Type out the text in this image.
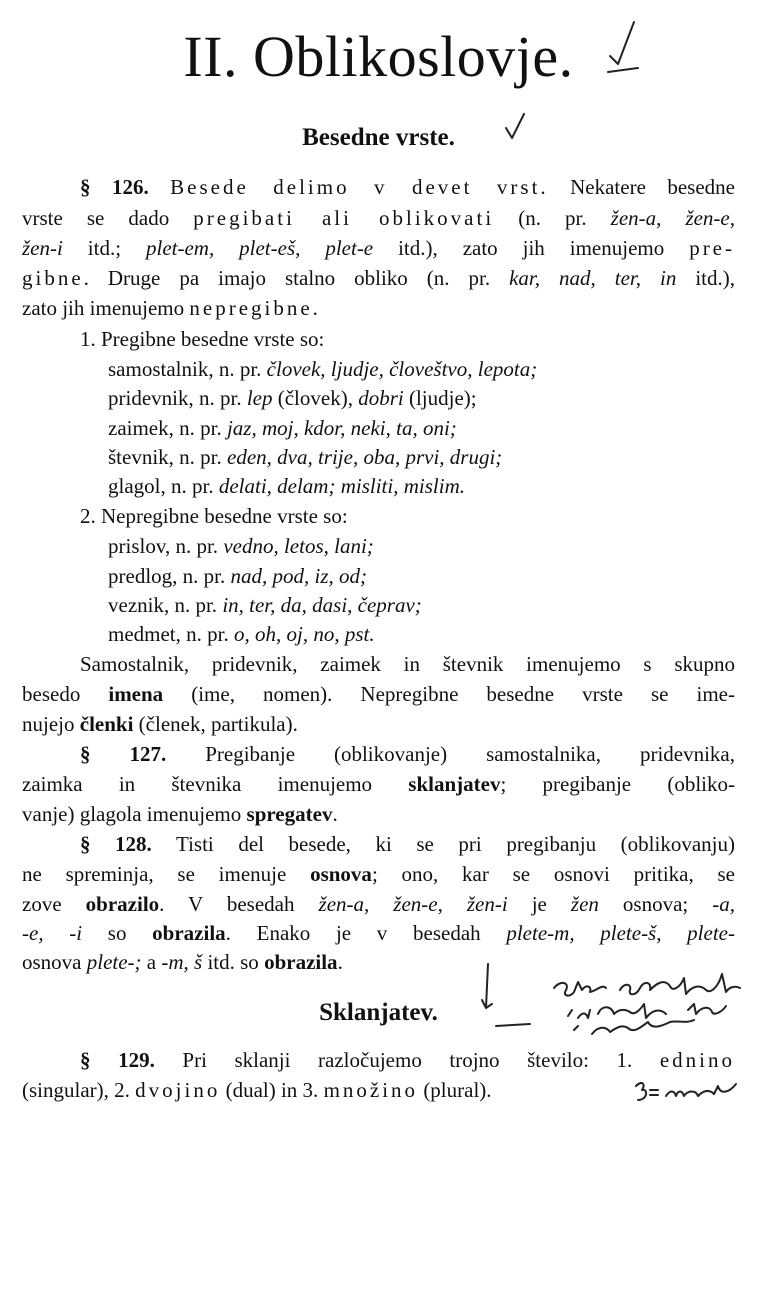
II. Oblikoslovje.
Besedne vrste.
§ 126. Besede delimo v devet vrst. Nekatere besedne
vrste se dado pregibati ali oblikovati (n. pr. žen-a, žen-e,
žen-i itd.; plet-em, plet-eš, plet-e itd.), zato jih imenujemo pre-
gibne. Druge pa imajo stalno obliko (n. pr. kar, nad, ter, in itd.),
zato jih imenujemo nepregibne.
1. Pregibne besedne vrste so:
samostalnik, n. pr. človek, ljudje, človeštvo, lepota;
pridevnik, n. pr. lep (človek), dobri (ljudje);
zaimek, n. pr. jaz, moj, kdor, neki, ta, oni;
števnik, n. pr. eden, dva, trije, oba, prvi, drugi;
glagol, n. pr. delati, delam; misliti, mislim.
2. Nepregibne besedne vrste so:
prislov, n. pr. vedno, letos, lani;
predlog, n. pr. nad, pod, iz, od;
veznik, n. pr. in, ter, da, dasi, čeprav;
medmet, n. pr. o, oh, oj, no, pst.
Samostalnik, pridevnik, zaimek in števnik imenujemo s skupno
besedo imena (ime, nomen). Nepregibne besedne vrste se ime-
nujejo členki (členek, partikula).
§ 127. Pregibanje (oblikovanje) samostalnika, pridevnika,
zaimka in števnika imenujemo sklanjatev; pregibanje (obliko-
vanje) glagola imenujemo spregatev.
§ 128. Tisti del besede, ki se pri pregibanju (oblikovanju)
ne spreminja, se imenuje osnova; ono, kar se osnovi pritika, se
zove obrazilo. V besedah žen-a, žen-e, žen-i je žen osnova; -a,
-e, -i so obrazila. Enako je v besedah plete-m, plete-š, plete-
osnova plete-; a -m, š itd. so obrazila.
Sklanjatev.
§ 129. Pri sklanji razločujemo trojno število: 1. ednino
(singular), 2. dvojino (dual) in 3. množino (plural).
